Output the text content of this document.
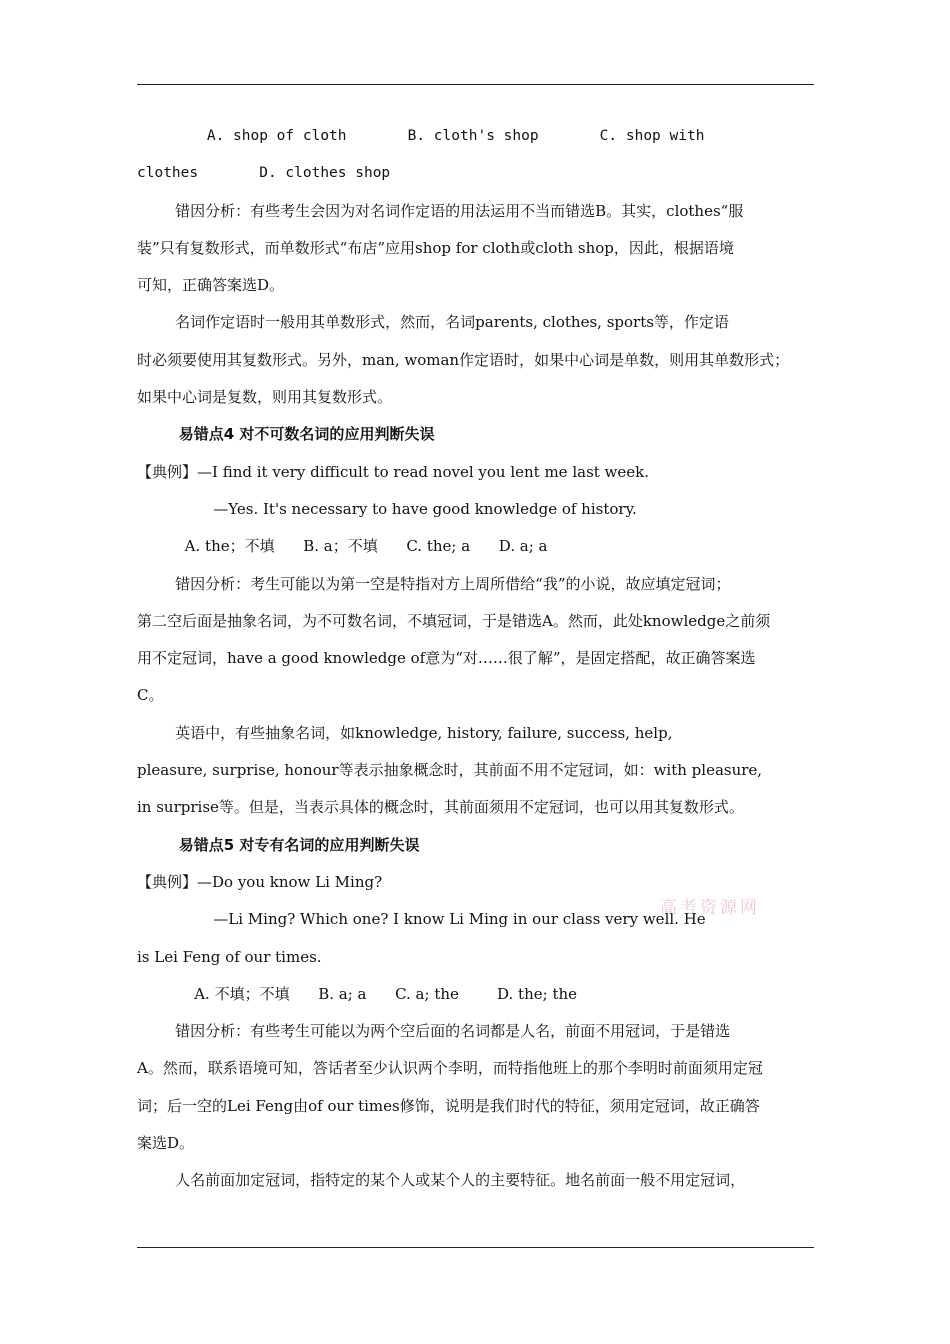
A. shop of cloth       B. cloth's shop       C. shop with
clothes       D. clothes shop
错因分析：有些考生会因为对名词作定语的用法运用不当而错选B。其实，clothes“服
装”只有复数形式，而单数形式“布店”应用shop for cloth或cloth shop，因此，根据语境
可知，正确答案选D。
名词作定语时一般用其单数形式，然而，名词parents, clothes, sports等，作定语
时必须要使用其复数形式。另外，man, woman作定语时，如果中心词是单数，则用其单数形式；
如果中心词是复数，则用其复数形式。
易错点4 对不可数名词的应用判断失误
【典例】—I find it very difficult to read novel you lent me last week.
—Yes. It's necessary to have good knowledge of history.
A. the；不填      B. a；不填      C. the; a      D. a; a
错因分析：考生可能以为第一空是特指对方上周所借给“我”的小说，故应填定冠词；
第二空后面是抽象名词，为不可数名词，不填冠词，于是错选A。然而，此处knowledge之前须
用不定冠词，have a good knowledge of意为“对……很了解”，是固定搭配，故正确答案选
C。
英语中，有些抽象名词，如knowledge, history, failure, success, help,
pleasure, surprise, honour等表示抽象概念时，其前面不用不定冠词，如：with pleasure,
in surprise等。但是，当表示具体的概念时，其前面须用不定冠词，也可以用其复数形式。
易错点5 对专有名词的应用判断失误
【典例】—Do you know Li Ming?
—Li Ming? Which one? I know Li Ming in our class very well. He
is Lei Feng of our times.
A. 不填；不填      B. a; a      C. a; the        D. the; the
错因分析：有些考生可能以为两个空后面的名词都是人名，前面不用冠词，于是错选
A。然而，联系语境可知，答话者至少认识两个李明，而特指他班上的那个李明时前面须用定冠
词；后一空的Lei Feng由of our times修饰，说明是我们时代的特征，须用定冠词，故正确答
案选D。
人名前面加定冠词，指特定的某个人或某个人的主要特征。地名前面一般不用定冠词，
高考资源网
